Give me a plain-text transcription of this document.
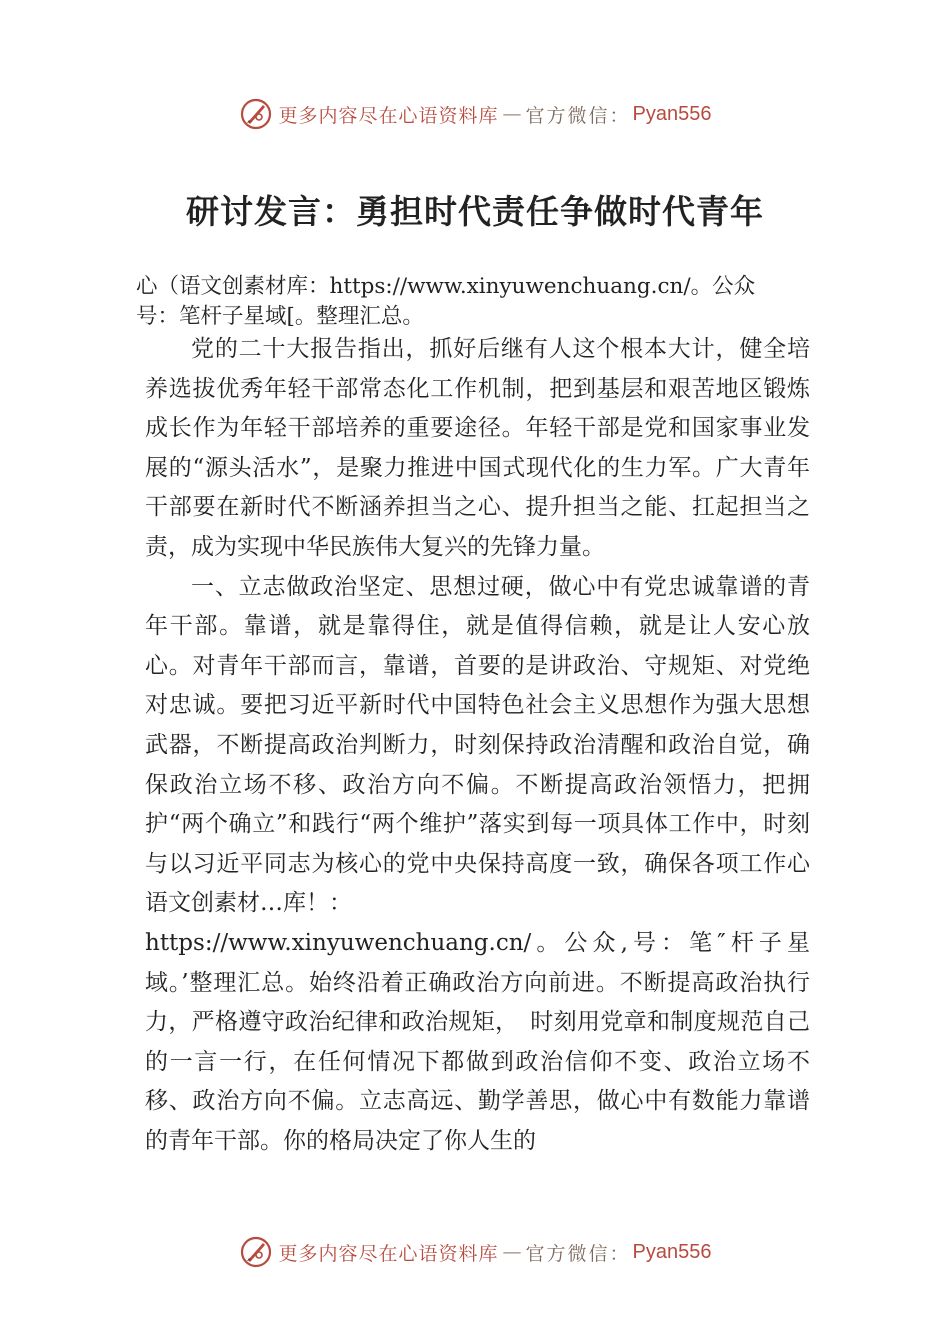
更多内容尽在心语资料库 — 官方微信： Pyan556
研讨发言：勇担时代责任争做时代青年
心（语文创素材库：https://www.xinyuwenchuang.cn/。公众
号：笔杆子星域[。整理汇总。

党的二十大报告指出，抓好后继有人这个根本大计，健全培养选拔优秀年轻干部常态化工作机制，把到基层和艰苦地区锻炼成长作为年轻干部培养的重要途径。年轻干部是党和国家事业发展的“源头活水”，是聚力推进中国式现代化的生力军。广大青年干部要在新时代不断涵养担当之心、提升担当之能、扛起担当之责，成为实现中华民族伟大复兴的先锋力量。

一、立志做政治坚定、思想过硬，做心中有党忠诚靠谱的青年干部。靠谱，就是靠得住，就是值得信赖，就是让人安心放心。对青年干部而言，靠谱，首要的是讲政治、守规矩、对党绝对忠诚。要把习近平新时代中国特色社会主义思想作为强大思想武器，不断提高政治判断力，时刻保持政治清醒和政治自觉，确保政治立场不移、政治方向不偏。不断提高政治领悟力，把拥护“两个确立”和践行“两个维护”落实到每一项具体工作中，时刻与以习近平同志为核心的党中央保持高度一致，确保各项工作心语文创素材…库！：
https://www.xinyuwenchuang.cn/。公众,号：笔″杆子星域。’整理汇总。始终沿着正确政治方向前进。不断提高政治执行力，严格遵守政治纪律和政治规矩，　时刻用党章和制度规范自己的一言一行，在任何情况下都做到政治信仰不变、政治立场不移、政治方向不偏。立志高远、勤学善思，做心中有数能力靠谱的青年干部。你的格局决定了你人生的

更多内容尽在心语资料库 — 官方微信： Pyan556
